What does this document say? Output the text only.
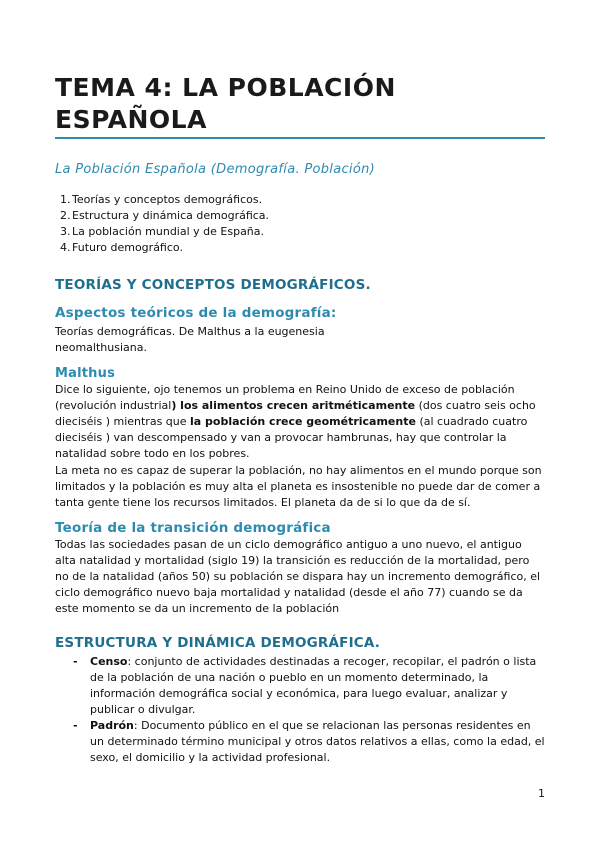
TEMA 4: LA POBLACIÓN ESPAÑOLA
La Población Española (Demografía. Población)
1. Teorías y conceptos demográficos.
2. Estructura y dinámica demográfica.
3. La población mundial y de España.
4. Futuro demográfico.
TEORÍAS Y CONCEPTOS DEMOGRÁFICOS.
Aspectos teóricos de la demografía:
Teorías demográficas. De Malthus a la eugenesia
neomalthusiana.
Malthus

Dice lo siguiente, ojo tenemos un problema en Reino Unido de exceso de población (revolución industrial) los alimentos crecen aritméticamente (dos cuatro seis ocho dieciséis ) mientras que la población crece geométricamente (al cuadrado cuatro dieciséis ) van descompensado y van a provocar hambrunas, hay que controlar la natalidad sobre todo en los pobres.

La meta no es capaz de superar la población, no hay alimentos en el mundo porque son limitados y la población es muy alta el planeta es insostenible no puede dar de comer a tanta gente tiene los recursos limitados. El planeta da de si lo que da de sí.

Teoría de la transición demográfica

Todas las sociedades pasan de un ciclo demográfico antiguo a uno nuevo, el antiguo alta natalidad y mortalidad (siglo 19) la transición es reducción de la mortalidad, pero no de la natalidad (años 50) su población se dispara hay un incremento demográfico, el ciclo demográfico nuevo baja mortalidad y natalidad (desde el año 77) cuando se da este momento se da un incremento de la población

ESTRUCTURA Y DINÁMICA DEMOGRÁFICA.
- Censo: conjunto de actividades destinadas a recoger, recopilar, el padrón o lista de la población de una nación o pueblo en un momento determinado, la información demográfica social y económica, para luego evaluar, analizar y publicar o divulgar.
- Padrón: Documento público en el que se relacionan las personas residentes en un determinado término municipal y otros datos relativos a ellas, como la edad, el sexo, el domicilio y la actividad profesional.
1
